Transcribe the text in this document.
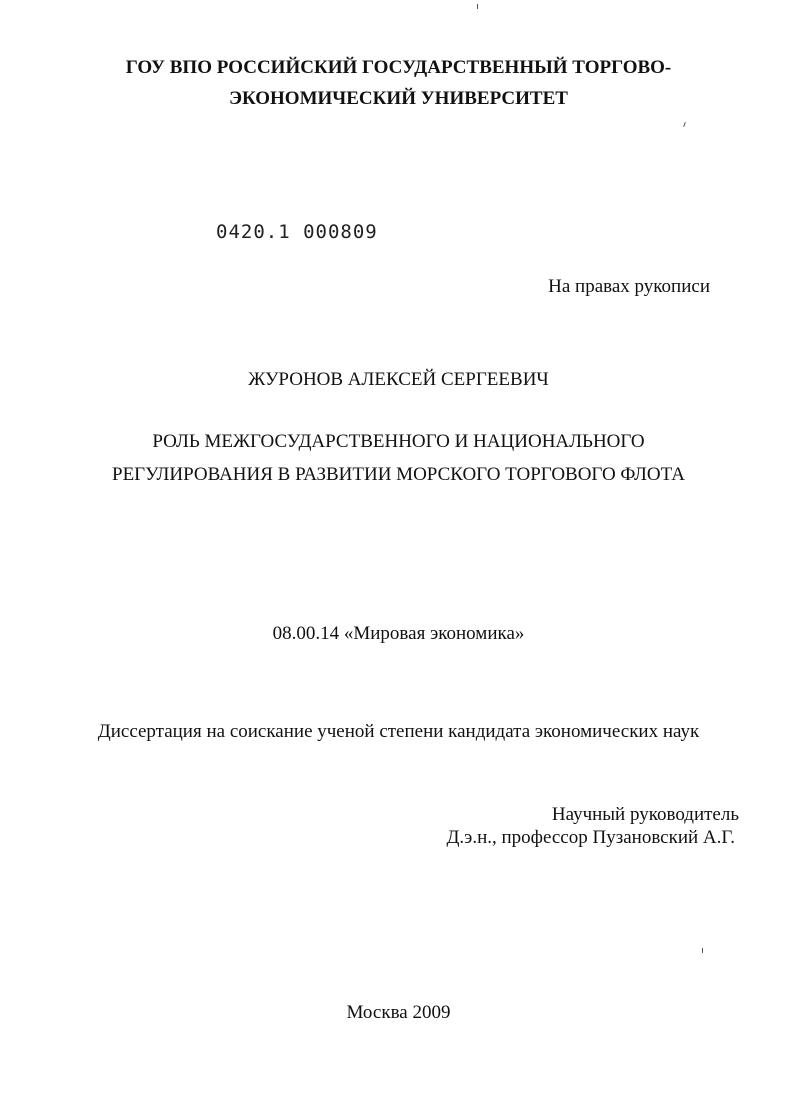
ГОУ ВПО РОССИЙСКИЙ ГОСУДАРСТВЕННЫЙ ТОРГОВО-
ЭКОНОМИЧЕСКИЙ УНИВЕРСИТЕТ
0420.1 000809
На правах рукописи
ЖУРОНОВ АЛЕКСЕЙ СЕРГЕЕВИЧ
РОЛЬ МЕЖГОСУДАРСТВЕННОГО И НАЦИОНАЛЬНОГО
РЕГУЛИРОВАНИЯ В РАЗВИТИИ МОРСКОГО ТОРГОВОГО ФЛОТА
08.00.14 «Мировая экономика»
Диссертация на соискание ученой степени кандидата экономических наук
Научный руководитель
Д.э.н., профессор Пузановский А.Г.
Москва 2009
